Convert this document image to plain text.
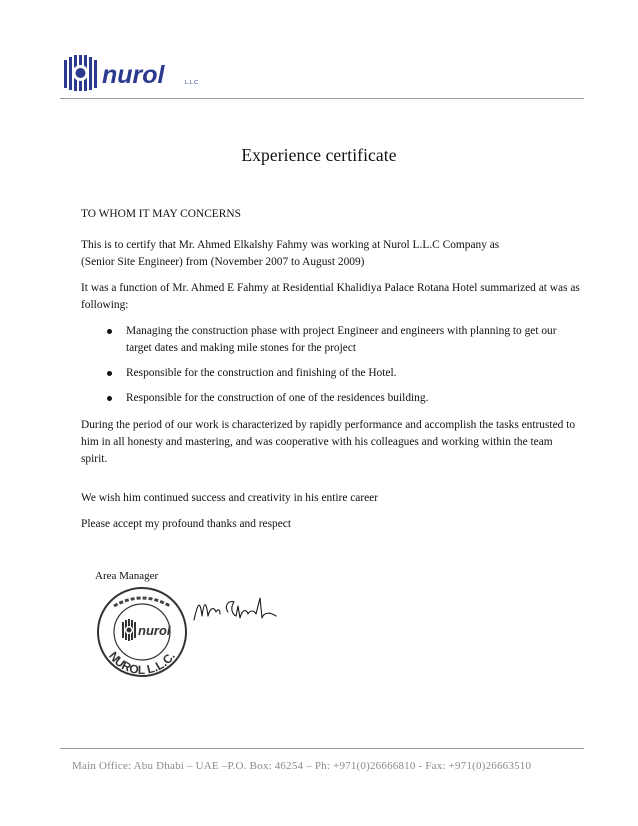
nurol	L.L.C
Experience certificate

TO WHOM IT MAY CONCERNS

This is to certify that Mr. Ahmed Elkalshy Fahmy was working at Nurol L.L.C Company as

(Senior Site Engineer) from (November 2007 to August 2009)

It was a function of Mr. Ahmed E Fahmy at Residential Khalidiya Palace Rotana Hotel summarized at was as following:

Managing the construction phase with project Engineer and engineers with planning to get our target dates and making mile stones for the project
Responsible for the construction and finishing of the Hotel.
Responsible for the construction of one of the residences building.

During the period of our work is characterized by rapidly performance and accomplish the tasks entrusted to him in all honesty and mastering, and was cooperative with his colleagues and working within the team spirit.

We wish him continued success and creativity in his entire career

Please accept my profound thanks and respect

Area Manager
nurol
NUROL L.L.C.
Main Office: Abu Dhabi – UAE –P.O. Box: 46254 – Ph: +971(0)26666810 - Fax: +971(0)26663510
